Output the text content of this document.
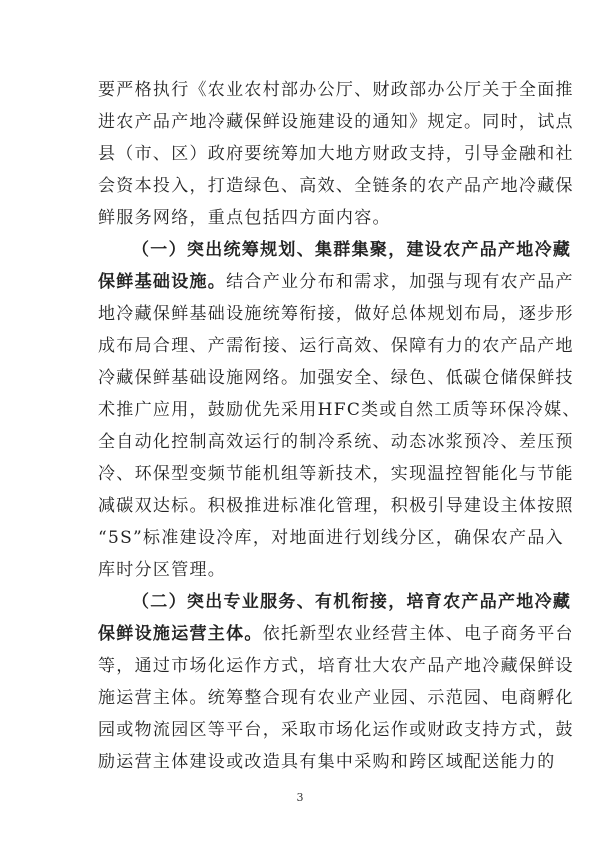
3
要严格执行《农业农村部办公厅、财政部办公厅关于全面推
进农产品产地冷藏保鲜设施建设的通知》规定。同时，试点
县（市、区）政府要统筹加大地方财政支持，引导金融和社
会资本投入，打造绿色、高效、全链条的农产品产地冷藏保
鲜服务网络，重点包括四方面内容。
（一）突出统筹规划、集群集聚，建设农产品产地冷藏
保鲜基础设施。结合产业分布和需求，加强与现有农产品产
地冷藏保鲜基础设施统筹衔接，做好总体规划布局，逐步形
成布局合理、产需衔接、运行高效、保障有力的农产品产地
冷藏保鲜基础设施网络。加强安全、绿色、低碳仓储保鲜技
术推广应用，鼓励优先采用HFC类或自然工质等环保冷媒、
全自动化控制高效运行的制冷系统、动态冰浆预冷、差压预
冷、环保型变频节能机组等新技术，实现温控智能化与节能
减碳双达标。积极推进标准化管理，积极引导建设主体按照
“5S”标准建设冷库，对地面进行划线分区，确保农产品入
库时分区管理。
（二）突出专业服务、有机衔接，培育农产品产地冷藏
保鲜设施运营主体。依托新型农业经营主体、电子商务平台
等，通过市场化运作方式，培育壮大农产品产地冷藏保鲜设
施运营主体。统筹整合现有农业产业园、示范园、电商孵化
园或物流园区等平台，采取市场化运作或财政支持方式，鼓
励运营主体建设或改造具有集中采购和跨区域配送能力的
